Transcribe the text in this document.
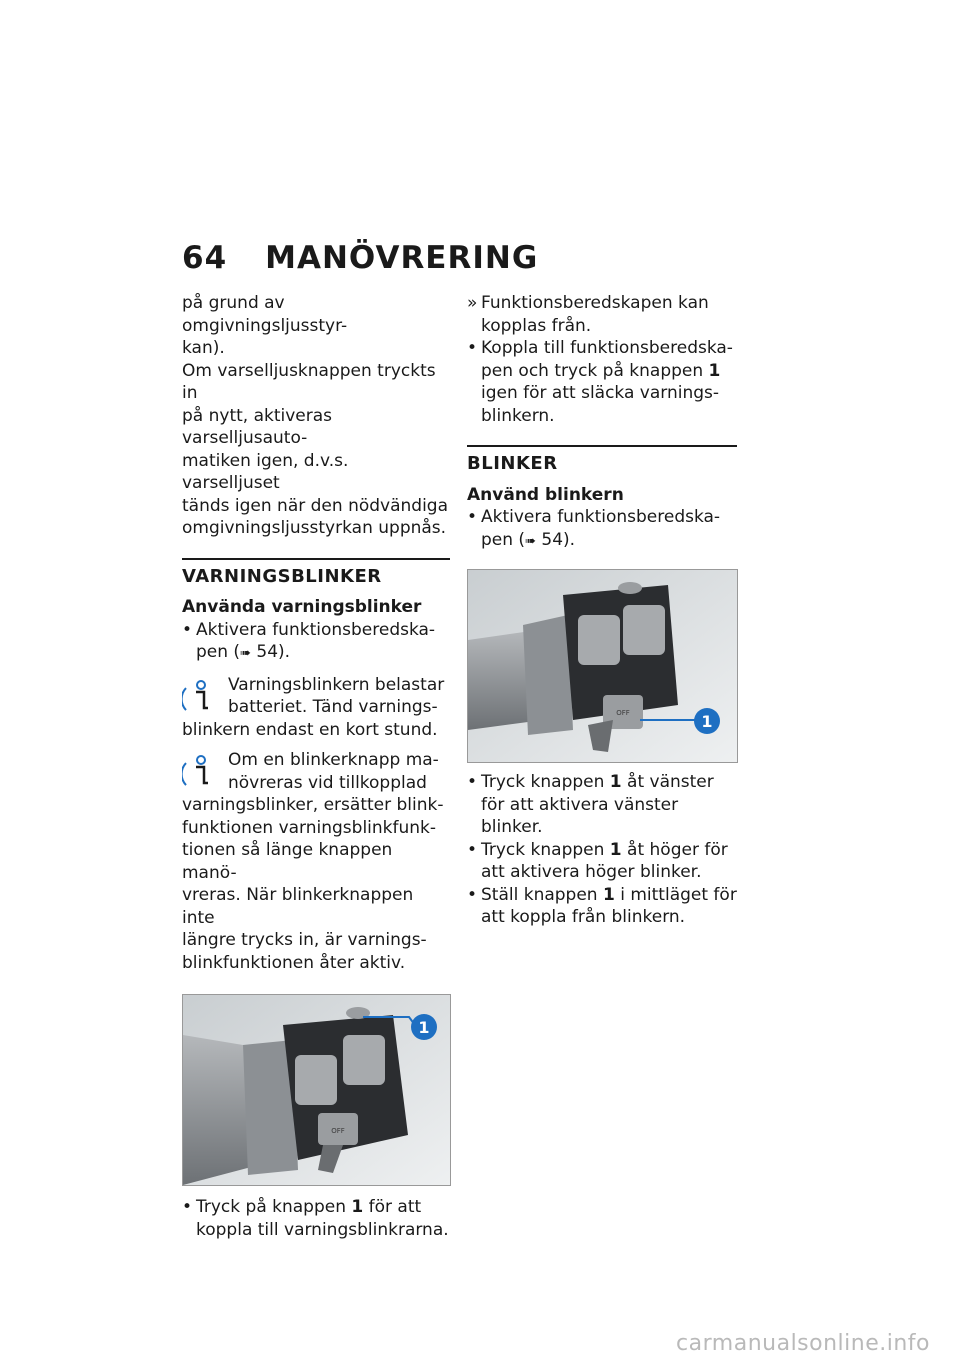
64 MANÖVRERING

på grund av omgivningsljusstyr-
kan).

Om varselljusknappen tryckts in
på nytt, aktiveras varselljusauto-
matiken igen, d.v.s. varselljuset
tänds igen när den nödvändiga
omgivningsljusstyrkan uppnås.

VARNINGSBLINKER
Använda varningsblinker

• Aktivera funktionsberedska-
pen (➠ 54).

Varningsblinkern belastar
batteriet. Tänd varnings-
blinkern endast en kort stund.
Om en blinkerknapp ma-
növreras vid tillkopplad
varningsblinker, ersätter blink-
funktionen varningsblinkfunk-
tionen så länge knappen manö-
vreras. När blinkerknappen inte
längre trycks in, är varnings-
blinkfunktionen åter aktiv.
1
OFF

• Tryck på knappen 1 för att
koppla till varningsblinkrarna.

» Funktionsberedskapen kan
kopplas från.

• Koppla till funktionsberedska-
pen och tryck på knappen 1
igen för att släcka varnings-
blinkern.

BLINKER
Använd blinkern

• Aktivera funktionsberedska-
pen (➠ 54).

1
OFF

• Tryck knappen 1 åt vänster
för att aktivera vänster blinker.

• Tryck knappen 1 åt höger för
att aktivera höger blinker.

• Ställ knappen 1 i mittläget för
att koppla från blinkern.

carmanualsonline.info
